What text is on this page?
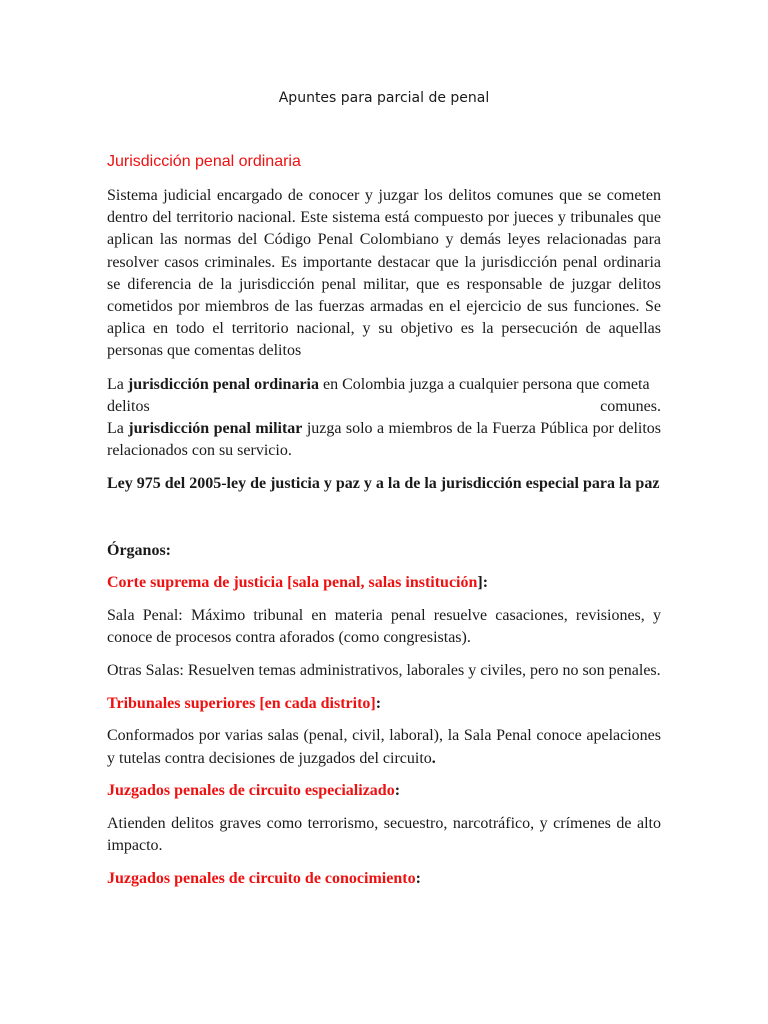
Apuntes para parcial de penal
Jurisdicción penal ordinaria

Sistema judicial encargado de conocer y juzgar los delitos comunes que se cometen dentro del territorio nacional. Este sistema está compuesto por jueces y tribunales que aplican las normas del Código Penal Colombiano y demás leyes relacionadas para resolver casos criminales. Es importante destacar que la jurisdicción penal ordinaria se diferencia de la jurisdicción penal militar, que es responsable de juzgar delitos cometidos por miembros de las fuerzas armadas en el ejercicio de sus funciones. Se aplica en todo el territorio nacional, y su objetivo es la persecución de aquellas personas que comentas delitos

La jurisdicción penal ordinaria en Colombia juzga a cualquier persona que cometa
delitos	comunes.

La jurisdicción penal militar juzga solo a miembros de la Fuerza Pública por delitos relacionados con su servicio.

Ley 975 del 2005-ley de justicia y paz y a la de la jurisdicción especial para la paz

Órganos:

Corte suprema de justicia [sala penal, salas institución]:

Sala Penal: Máximo tribunal en materia penal resuelve casaciones, revisiones, y conoce de procesos contra aforados (como congresistas).

Otras Salas: Resuelven temas administrativos, laborales y civiles, pero no son penales.

Tribunales superiores [en cada distrito]:

Conformados por varias salas (penal, civil, laboral), la Sala Penal conoce apelaciones y tutelas contra decisiones de juzgados del circuito.

Juzgados penales de circuito especializado:

Atienden delitos graves como terrorismo, secuestro, narcotráfico, y crímenes de alto impacto.

Juzgados penales de circuito de conocimiento:
